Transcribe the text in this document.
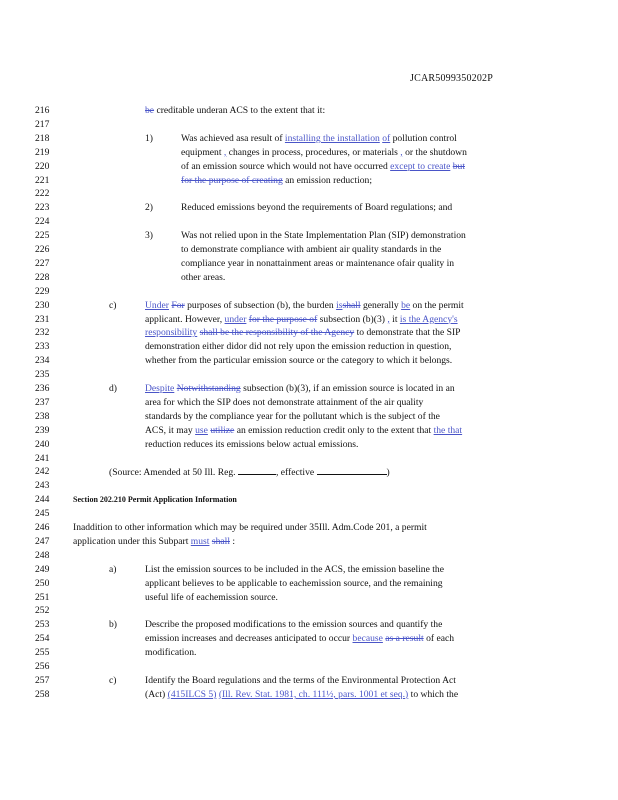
JCAR5099350202P
216	be creditable underan ACS to the extent that it:
217
218	1)	Was achieved asa result of installing the installation of pollution control
219	equipment , changes in process, procedures, or materials , or the shutdown
220	of an emission source which would not have occurred except to create but
221	for the purpose of creating an emission reduction;
222
223	2)	Reduced emissions beyond the requirements of Board regulations; and
224
225	3)	Was not relied upon in the State Implementation Plan (SIP) demonstration
226	to demonstrate compliance with ambient air quality standards in the
227	compliance year in nonattainment areas or maintenance ofair quality in
228	other areas.
229
230	c)	Under For purposes of subsection (b), the burden isshall generally be on the permit
231	applicant. However, under for the purpose of subsection (b)(3) , it is the Agency's
232	responsibility shall be the responsibility of the Agency to demonstrate that the SIP
233	demonstration either didor did not rely upon the emission reduction in question,
234	whether from the particular emission source or the category to which it belongs.
235
236	d)	Despite Notwithstanding subsection (b)(3), if an emission source is located in an
237	area for which the SIP does not demonstrate attainment of the air quality
238	standards by the compliance year for the pollutant which is the subject of the
239	ACS, it may use utilize an emission reduction credit only to the extent that the that
240	reduction reduces its emissions below actual emissions.
241
242	(Source: Amended at 50 Ill. Reg.	, effective	)
243
244	Section 202.210 Permit Application Information
245
246	Inaddition to other information which may be required under 35Ill. Adm.Code 201, a permit
247	application under this Subpart must shall :
248
249	a)	List the emission sources to be included in the ACS, the emission baseline the
250	applicant believes to be applicable to eachemission source, and the remaining
251	useful life of eachemission source.
252
253	b)	Describe the proposed modifications to the emission sources and quantify the
254	emission increases and decreases anticipated to occur because as a result of each
255	modification.
256
257	c)	Identify the Board regulations and the terms of the Environmental Protection Act
258	(Act) (415ILCS 5) (Ill. Rev. Stat. 1981, ch. 111½, pars. 1001 et seq.) to which the
